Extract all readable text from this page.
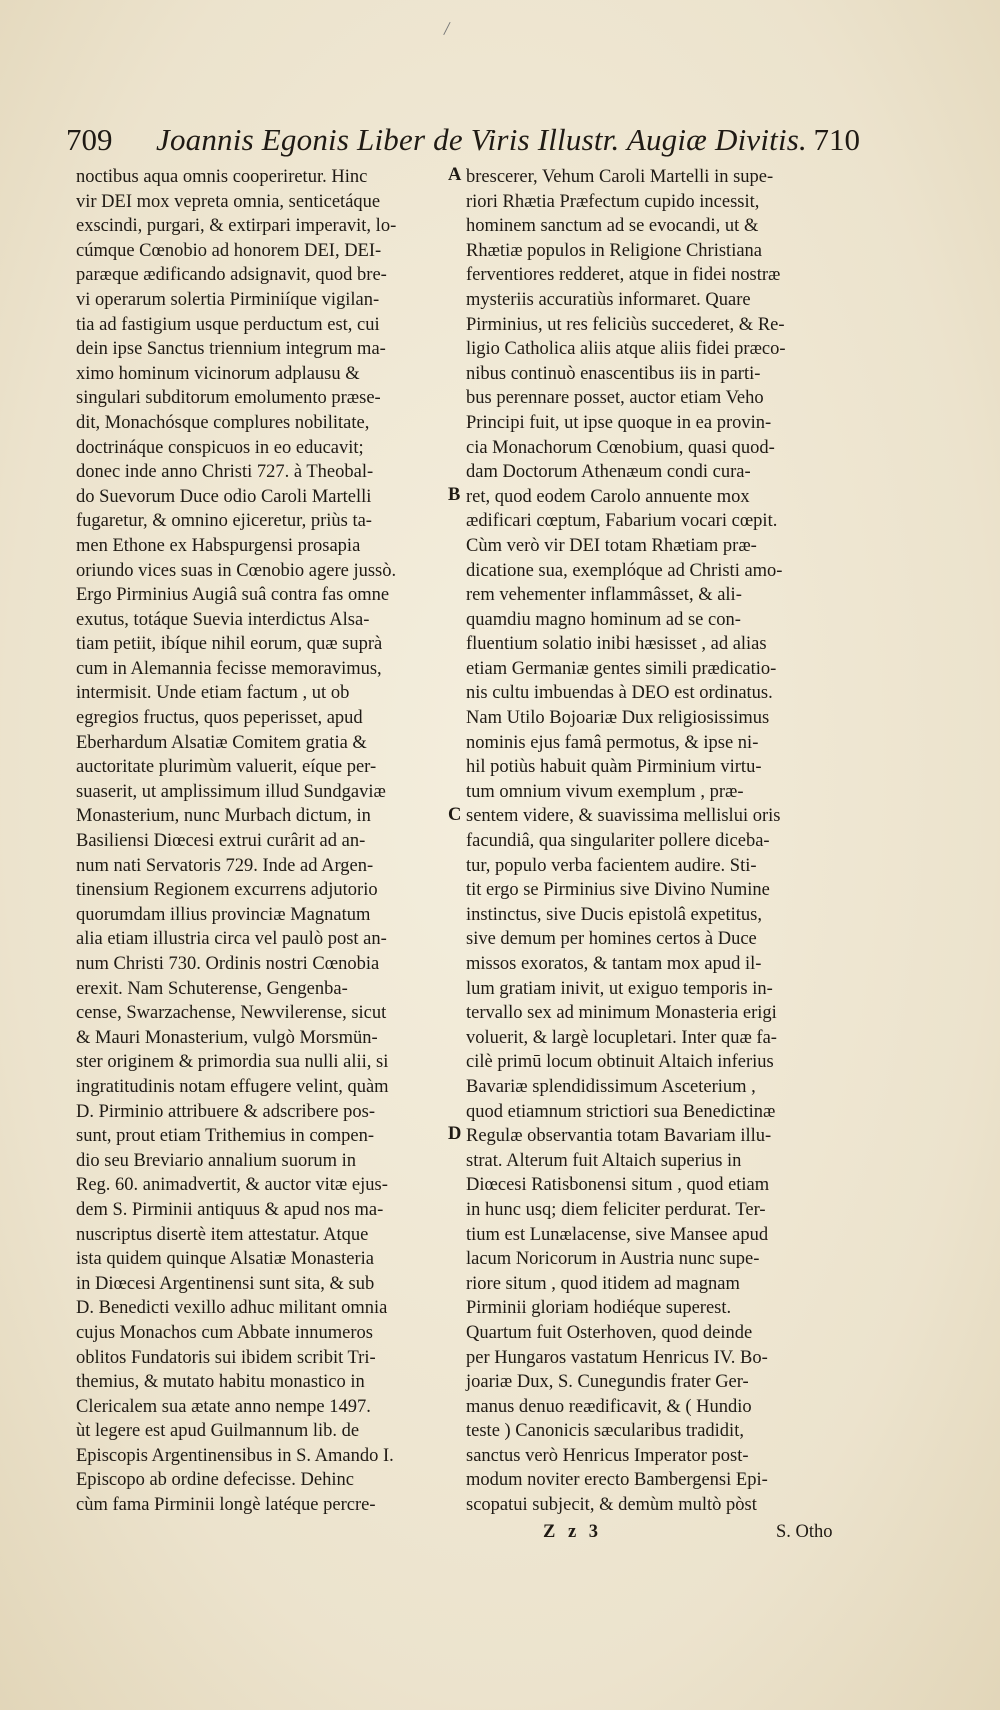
/
709 Joannis Egonis Liber de Viris Illustr. Augiæ Divitis. 710
noctibus aqua omnis cooperiretur. Hinc
vir DEI mox vepreta omnia, senticetáque
exscindi, purgari, & extirpari imperavit, lo-
cúmque Cœnobio ad honorem DEI, DEI-
paræque ædificando adsignavit, quod bre-
vi operarum solertia Pirminiíque vigilan-
tia ad fastigium usque perductum est, cui
dein ipse Sanctus triennium integrum ma-
ximo hominum vicinorum adplausu &
singulari subditorum emolumento præse-
dit, Monachósque complures nobilitate,
doctrináque conspicuos in eo educavit;
donec inde anno Christi 727. à Theobal-
do Suevorum Duce odio Caroli Martelli
fugaretur, & omnino ejiceretur, priùs ta-
men Ethone ex Habspurgensi prosapia
oriundo vices suas in Cœnobio agere jussò.
Ergo Pirminius Augiâ suâ contra fas omne
exutus, totáque Suevia interdictus Alsa-
tiam petiit, ibíque nihil eorum, quæ suprà
cum in Alemannia fecisse memoravimus,
intermisit. Unde etiam factum , ut ob
egregios fructus, quos peperisset, apud
Eberhardum Alsatiæ Comitem gratia &
auctoritate plurimùm valuerit, eíque per-
suaserit, ut amplissimum illud Sundgaviæ
Monasterium, nunc Murbach dictum, in
Basiliensi Diœcesi extrui curârit ad an-
num nati Servatoris 729. Inde ad Argen-
tinensium Regionem excurrens adjutorio
quorumdam illius provinciæ Magnatum
alia etiam illustria circa vel paulò post an-
num Christi 730. Ordinis nostri Cœnobia
erexit. Nam Schuterense, Gengenba-
cense, Swarzachense, Newvilerense, sicut
& Mauri Monasterium, vulgò Morsmün-
ster originem & primordia sua nulli alii, si
ingratitudinis notam effugere velint, quàm
D. Pirminio attribuere & adscribere pos-
sunt, prout etiam Trithemius in compen-
dio seu Breviario annalium suorum in
Reg. 60. animadvertit, & auctor vitæ ejus-
dem S. Pirminii antiquus & apud nos ma-
nuscriptus disertè item attestatur. Atque
ista quidem quinque Alsatiæ Monasteria
in Diœcesi Argentinensi sunt sita, & sub
D. Benedicti vexillo adhuc militant omnia
cujus Monachos cum Abbate innumeros
oblitos Fundatoris sui ibidem scribit Tri-
themius, & mutato habitu monastico in
Clericalem sua ætate anno nempe 1497.
ùt legere est apud Guilmannum lib. de
Episcopis Argentinensibus in S. Amando I.
Episcopo ab ordine defecisse. Dehinc
cùm fama Pirminii longè latéque percre-
brescerer, Vehum Caroli Martelli in supe-
riori Rhætia Præfectum cupido incessit,
hominem sanctum ad se evocandi, ut &
Rhætiæ populos in Religione Christiana
ferventiores redderet, atque in fidei nostræ
mysteriis accuratiùs informaret. Quare
Pirminius, ut res feliciùs succederet, & Re-
ligio Catholica aliis atque aliis fidei præco-
nibus continuò enascentibus iis in parti-
bus perennare posset, auctor etiam Veho
Principi fuit, ut ipse quoque in ea provin-
cia Monachorum Cœnobium, quasi quod-
dam Doctorum Athenæum condi cura-
ret, quod eodem Carolo annuente mox
ædificari cœptum, Fabarium vocari cœpit.
Cùm verò vir DEI totam Rhætiam præ-
dicatione sua, exemplóque ad Christi amo-
rem vehementer inflammâsset, & ali-
quamdiu magno hominum ad se con-
fluentium solatio inibi hæsisset , ad alias
etiam Germaniæ gentes simili prædicatio-
nis cultu imbuendas à DEO est ordinatus.
Nam Utilo Bojoariæ Dux religiosissimus
nominis ejus famâ permotus, & ipse ni-
hil potiùs habuit quàm Pirminium virtu-
tum omnium vivum exemplum , præ-
sentem videre, & suavissima mellislui oris
facundiâ, qua singulariter pollere diceba-
tur, populo verba facientem audire. Sti-
tit ergo se Pirminius sive Divino Numine
instinctus, sive Ducis epistolâ expetitus,
sive demum per homines certos à Duce
missos exoratos, & tantam mox apud il-
lum gratiam inivit, ut exiguo temporis in-
tervallo sex ad minimum Monasteria erigi
voluerit, & largè locupletari. Inter quæ fa-
cilè primū locum obtinuit Altaich inferius
Bavariæ splendidissimum Asceterium ,
quod etiamnum strictiori sua Benedictinæ
Regulæ observantia totam Bavariam illu-
strat. Alterum fuit Altaich superius in
Diœcesi Ratisbonensi situm , quod etiam
in hunc usq; diem feliciter perdurat. Ter-
tium est Lunælacense, sive Mansee apud
lacum Noricorum in Austria nunc supe-
riore situm , quod itidem ad magnam
Pirminii gloriam hodiéque superest.
Quartum fuit Osterhoven, quod deinde
per Hungaros vastatum Henricus IV. Bo-
joariæ Dux, S. Cunegundis frater Ger-
manus denuo reædificavit, & ( Hundio
teste ) Canonicis sæcularibus tradidit,
sanctus verò Henricus Imperator post-
modum noviter erecto Bambergensi Epi-
scopatui subjecit, & demùm multò pòst
A
B
C
D
Z z 3	S. Otho
